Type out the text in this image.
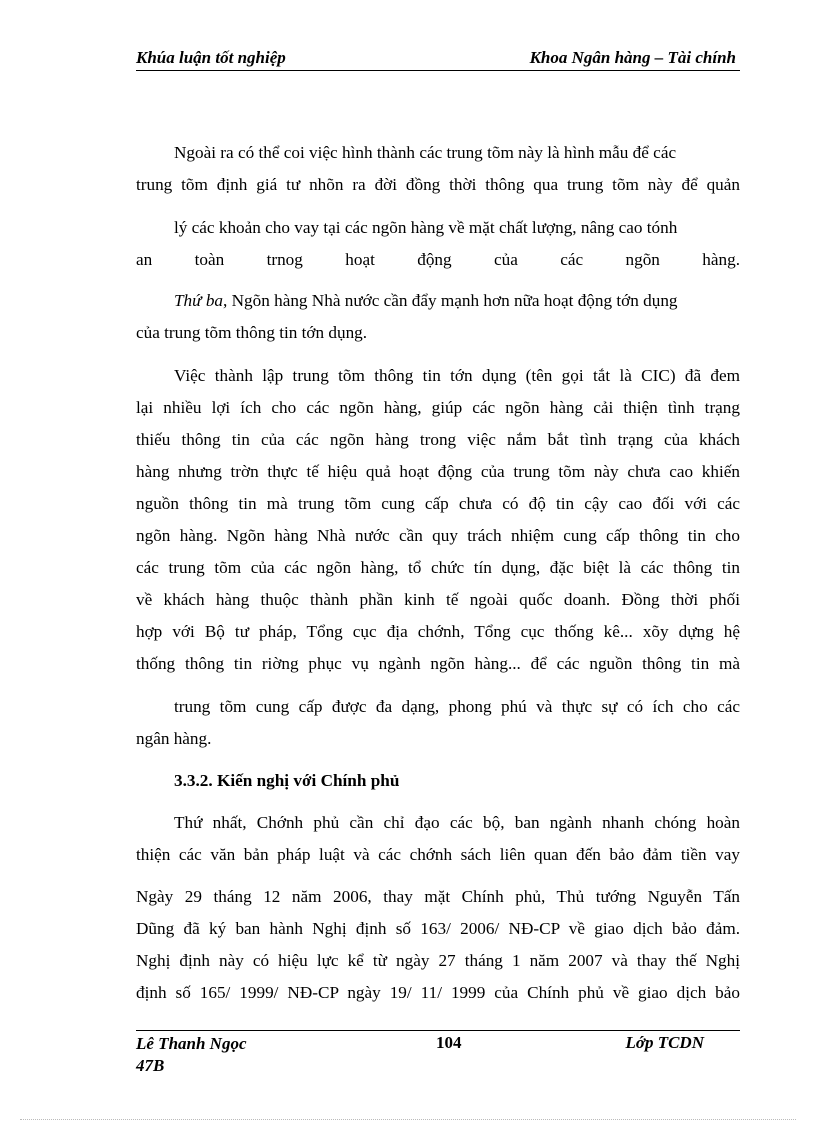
Khúa luận tốt nghiệp	Khoa Ngân hàng – Tài chính
Ngoài ra có thể coi việc hình thành các trung tõm này là hình mẫu để các
trung tõm định giá tư nhõn ra đời đồng thời thông qua trung tõm này để quản
lý các khoản cho vay tại các ngõn hàng về mặt chất lượng, nâng cao tónh
an toàn trnog hoạt động của các ngõn hàng.
Thứ ba, Ngõn hàng Nhà nước cần đẩy mạnh hơn nữa hoạt động tớn dụng
của trung tõm thông tin tớn dụng.
Việc thành lập trung tõm thông tin tớn dụng (tên gọi tắt là CIC) đã đem
lại nhiều lợi ích cho các ngõn hàng, giúp các ngõn hàng cải thiện tình trạng
thiếu thông tin của các ngõn hàng trong việc nắm bắt tình trạng của khách
hàng nhưng trờn thực tế hiệu quả hoạt động của trung tõm này chưa cao khiến
nguồn thông tin mà trung tõm cung cấp chưa có độ tin cậy cao đối với các
ngõn hàng. Ngõn hàng Nhà nước cần quy trách nhiệm cung cấp thông tin cho
các trung tõm của các ngõn hàng, tổ chức tín dụng, đặc biệt là các thông tin
về khách hàng thuộc thành phần kinh tế ngoài quốc doanh. Đồng thời phối
hợp với Bộ tư pháp, Tổng cục địa chớnh, Tổng cục thống kê... xõy dựng hệ
thống thông tin riờng phục vụ ngành ngõn hàng... để các nguồn thông tin mà
trung tõm cung cấp được đa dạng, phong phú và thực sự có ích cho các
ngân hàng.
3.3.2. Kiến nghị với Chính phủ
Thứ nhất, Chớnh phủ cần chỉ đạo các bộ, ban ngành nhanh chóng hoàn
thiện các văn bản pháp luật và các chớnh sách liên quan đến bảo đảm tiền vay
Ngày 29 tháng 12 năm 2006, thay mặt Chính phủ, Thủ tướng Nguyễn Tấn
Dũng đã ký ban hành Nghị định số 163/ 2006/ NĐ-CP về giao dịch bảo đảm.
Nghị định này có hiệu lực kể từ ngày 27 tháng 1 năm 2007 và thay thế Nghị
định số 165/ 1999/ NĐ-CP ngày 19/ 11/ 1999 của Chính phủ về giao dịch bảo
Lê Thanh Ngọc
47B
104	Lớp TCDN
